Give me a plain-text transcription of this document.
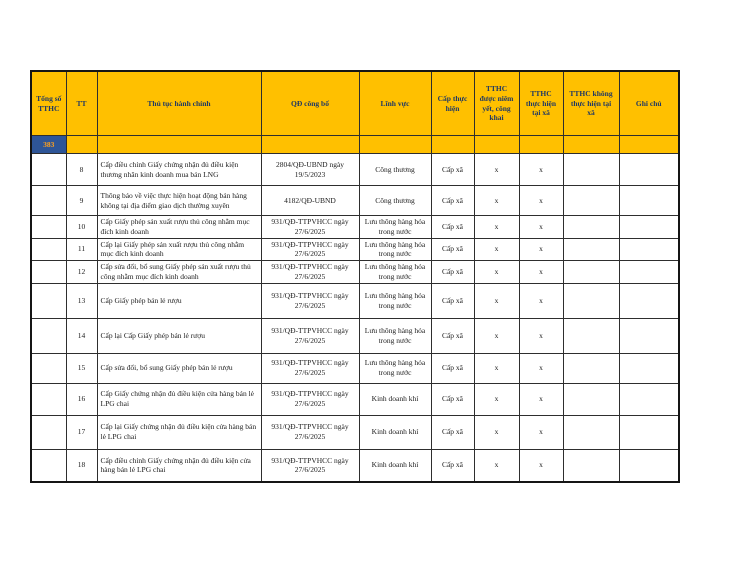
Tổng số TTHC	TT	Thủ tục hành chính	QĐ công bố	Lĩnh vực	Cấp thực hiện	TTHC được niêm yết, công khai	TTHC thực hiện tại xã	TTHC không thực hiện tại xã	Ghi chú
383									
	8	Cấp điều chỉnh Giấy chứng nhận đủ điều kiện thương nhân kinh doanh mua bán LNG	2804/QĐ-UBND ngày 19/5/2023	Công thương	Cấp xã	x	x		
	9	Thông báo về việc thực hiện hoạt động bán hàng không tại địa điểm giao dịch thường xuyên	4182/QĐ-UBND	Công thương	Cấp xã	x	x		
	10	Cấp Giấy phép sản xuất rượu thủ công nhằm mục đích kinh doanh	931/QĐ-TTPVHCC ngày 27/6/2025	Lưu thông hàng hóa trong nước	Cấp xã	x	x		
	11	Cấp lại Giấy phép sản xuất rượu thủ công nhằm mục đích kinh doanh	931/QĐ-TTPVHCC ngày 27/6/2025	Lưu thông hàng hóa trong nước	Cấp xã	x	x		
	12	Cấp sửa đổi, bổ sung Giấy phép sản xuất rượu thủ công nhằm mục đích kinh doanh	931/QĐ-TTPVHCC ngày 27/6/2025	Lưu thông hàng hóa trong nước	Cấp xã	x	x		
	13	Cấp Giấy phép bán lẻ rượu	931/QĐ-TTPVHCC ngày 27/6/2025	Lưu thông hàng hóa trong nước	Cấp xã	x	x		
	14	Cấp lại Cấp Giấy phép bán lẻ rượu	931/QĐ-TTPVHCC ngày 27/6/2025	Lưu thông hàng hóa trong nước	Cấp xã	x	x		
	15	Cấp sửa đổi, bổ sung Giấy phép bán lẻ rượu	931/QĐ-TTPVHCC ngày 27/6/2025	Lưu thông hàng hóa trong nước	Cấp xã	x	x		
	16	Cấp Giấy chứng nhận đủ điều kiện cửa hàng bán lẻ LPG chai	931/QĐ-TTPVHCC ngày 27/6/2025	Kinh doanh khí	Cấp xã	x	x		
	17	Cấp lại Giấy chứng nhận đủ điều kiện cửa hàng bán lẻ LPG chai	931/QĐ-TTPVHCC ngày 27/6/2025	Kinh doanh khí	Cấp xã	x	x		
	18	Cấp điều chỉnh Giấy chứng nhận đủ điều kiện cửa hàng bán lẻ LPG chai	931/QĐ-TTPVHCC ngày 27/6/2025	Kinh doanh khí	Cấp xã	x	x		
